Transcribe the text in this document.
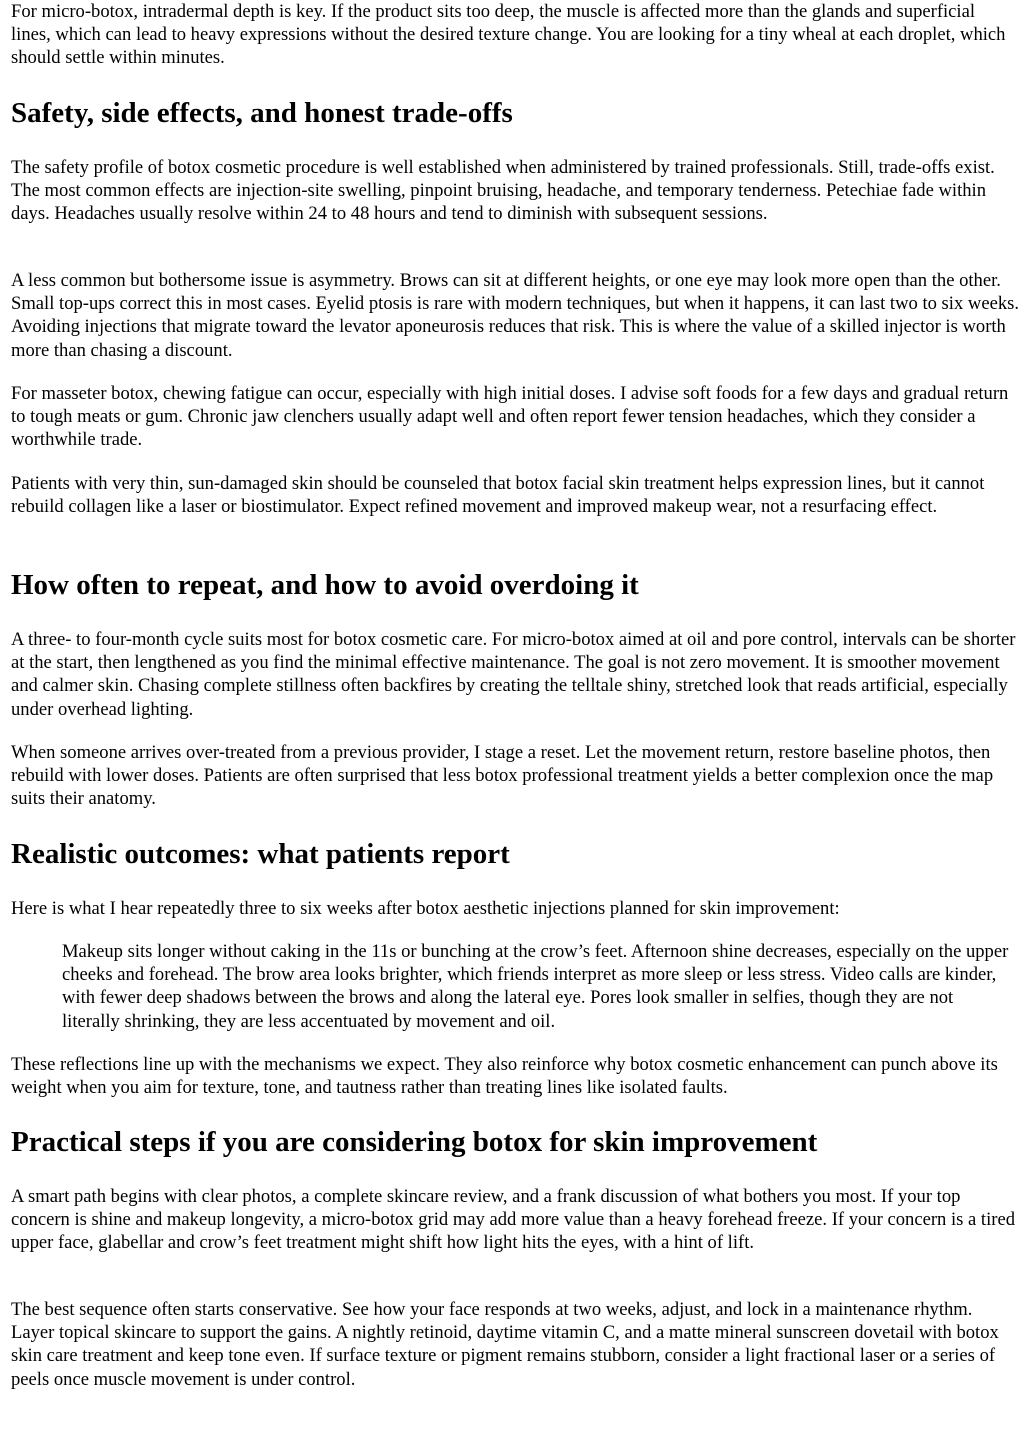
For micro-botox, intradermal depth is key. If the product sits too deep, the muscle is affected more than the glands and superficial lines, which can lead to heavy expressions without the desired texture change. You are looking for a tiny wheal at each droplet, which should settle within minutes.

Safety, side effects, and honest trade-offs

The safety profile of botox cosmetic procedure is well established when administered by trained professionals. Still, trade-offs exist. The most common effects are injection-site swelling, pinpoint bruising, headache, and temporary tenderness. Petechiae fade within days. Headaches usually resolve within 24 to 48 hours and tend to diminish with subsequent sessions.

A less common but bothersome issue is asymmetry. Brows can sit at different heights, or one eye may look more open than the other. Small top-ups correct this in most cases. Eyelid ptosis is rare with modern techniques, but when it happens, it can last two to six weeks. Avoiding injections that migrate toward the levator aponeurosis reduces that risk. This is where the value of a skilled injector is worth more than chasing a discount.

For masseter botox, chewing fatigue can occur, especially with high initial doses. I advise soft foods for a few days and gradual return to tough meats or gum. Chronic jaw clenchers usually adapt well and often report fewer tension headaches, which they consider a worthwhile trade.

Patients with very thin, sun-damaged skin should be counseled that botox facial skin treatment helps expression lines, but it cannot rebuild collagen like a laser or biostimulator. Expect refined movement and improved makeup wear, not a resurfacing effect.

How often to repeat, and how to avoid overdoing it

A three- to four-month cycle suits most for botox cosmetic care. For micro-botox aimed at oil and pore control, intervals can be shorter at the start, then lengthened as you find the minimal effective maintenance. The goal is not zero movement. It is smoother movement and calmer skin. Chasing complete stillness often backfires by creating the telltale shiny, stretched look that reads artificial, especially under overhead lighting.

When someone arrives over-treated from a previous provider, I stage a reset. Let the movement return, restore baseline photos, then rebuild with lower doses. Patients are often surprised that less botox professional treatment yields a better complexion once the map suits their anatomy.

Realistic outcomes: what patients report

Here is what I hear repeatedly three to six weeks after botox aesthetic injections planned for skin improvement:

Makeup sits longer without caking in the 11s or bunching at the crow’s feet. Afternoon shine decreases, especially on the upper cheeks and forehead. The brow area looks brighter, which friends interpret as more sleep or less stress. Video calls are kinder, with fewer deep shadows between the brows and along the lateral eye. Pores look smaller in selfies, though they are not literally shrinking, they are less accentuated by movement and oil.

These reflections line up with the mechanisms we expect. They also reinforce why botox cosmetic enhancement can punch above its weight when you aim for texture, tone, and tautness rather than treating lines like isolated faults.

Practical steps if you are considering botox for skin improvement

A smart path begins with clear photos, a complete skincare review, and a frank discussion of what bothers you most. If your top concern is shine and makeup longevity, a micro-botox grid may add more value than a heavy forehead freeze. If your concern is a tired upper face, glabellar and crow’s feet treatment might shift how light hits the eyes, with a hint of lift.

The best sequence often starts conservative. See how your face responds at two weeks, adjust, and lock in a maintenance rhythm. Layer topical skincare to support the gains. A nightly retinoid, daytime vitamin C, and a matte mineral sunscreen dovetail with botox skin care treatment and keep tone even. If surface texture or pigment remains stubborn, consider a light fractional laser or a series of peels once muscle movement is under control.
